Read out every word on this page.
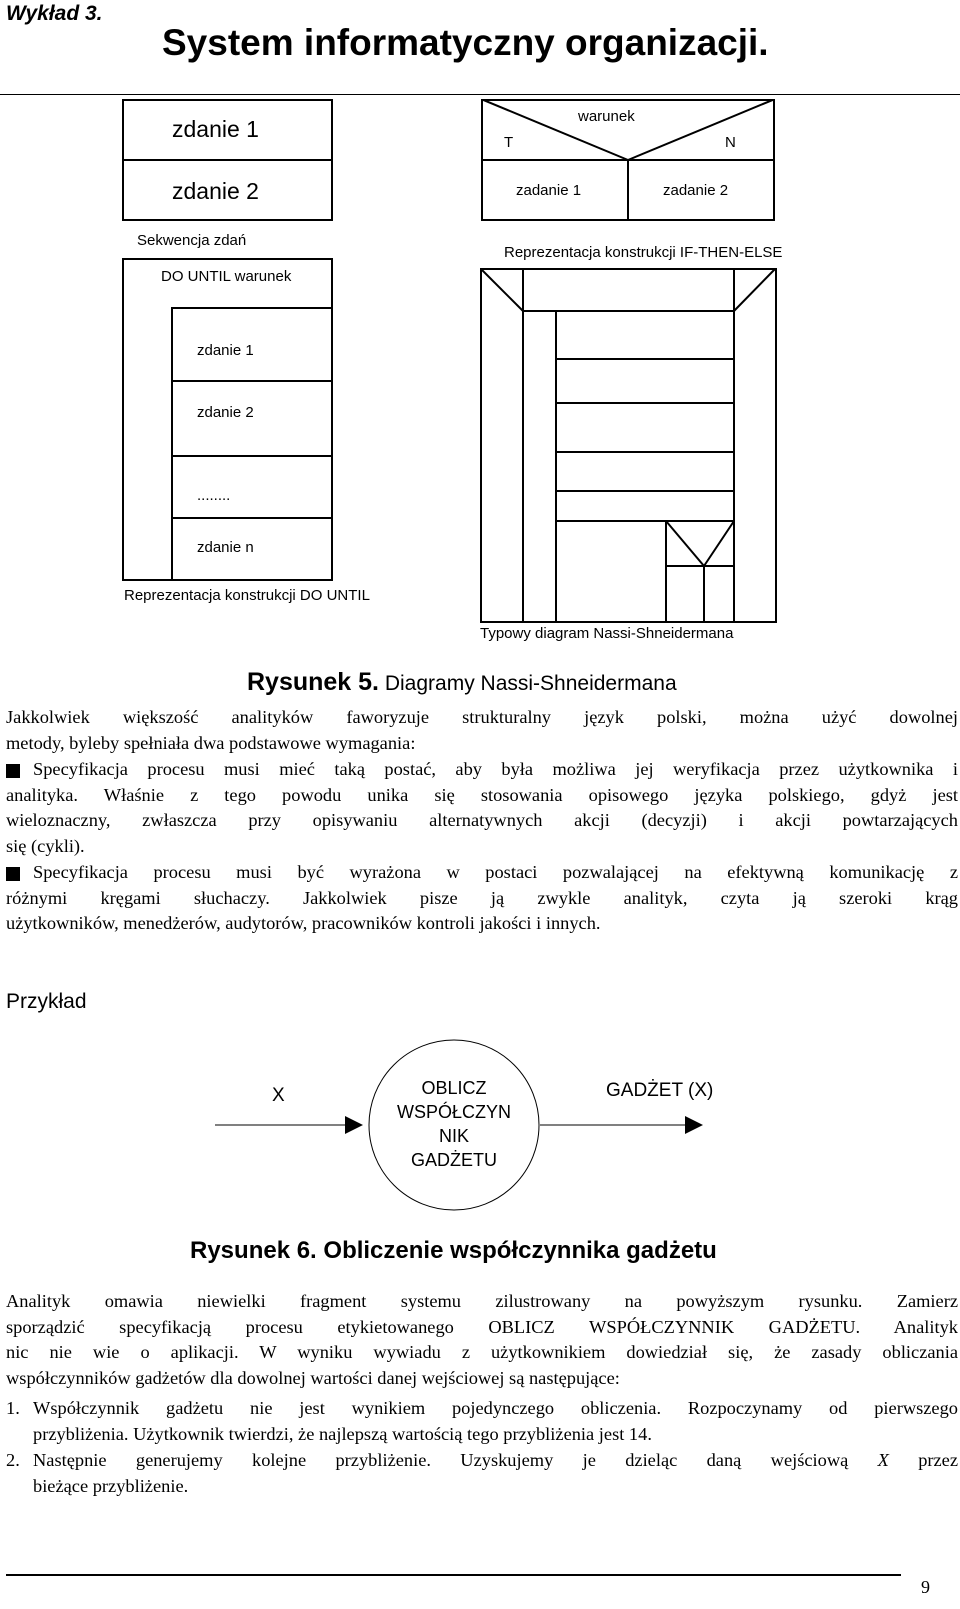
Wykład 3.
System informatyczny organizacji.
zdanie 1
zdanie 2
Sekwencja zdań
warunek
T	N
zadanie 1	zadanie 2
Reprezentacja konstrukcji IF-THEN-ELSE
DO UNTIL warunek
zdanie 1
zdanie 2
........
zdanie n
Reprezentacja konstrukcji DO UNTIL
Typowy diagram Nassi-Shneidermana
Rysunek 5. Diagramy Nassi-Shneidermana
Jakkolwiek większość analityków faworyzuje strukturalny język polski, można użyć dowolnej
metody, byleby spełniała dwa podstawowe wymagania:
Specyfikacja procesu musi mieć taką postać, aby była możliwa jej weryfikacja przez użytkownika i
analityka. Właśnie z tego powodu unika się stosowania opisowego języka polskiego, gdyż jest
wieloznaczny, zwłaszcza przy opisywaniu alternatywnych akcji (decyzji) i akcji powtarzających
się (cykli).
Specyfikacja procesu musi być wyrażona w postaci pozwalającej na efektywną komunikację z
różnymi kręgami słuchaczy. Jakkolwiek pisze ją zwykle analityk, czyta ją szeroki krąg
użytkowników, menedżerów, audytorów, pracowników kontroli jakości i innych.
Przykład
X	OBLICZ
WSPÓŁCZYN
NIK
GADŻETU
GADŻET (X)
Rysunek 6. Obliczenie współczynnika gadżetu
Analityk omawia niewielki fragment systemu zilustrowany na powyższym rysunku. Zamierz
sporządzić specyfikacją procesu etykietowanego OBLICZ WSPÓŁCZYNNIK GADŻETU. Analityk
nic nie wie o aplikacji. W wyniku wywiadu z użytkownikiem dowiedział się, że zasady obliczania
współczynników gadżetów dla dowolnej wartości danej wejściowej są następujące:
1. Współczynnik gadżetu nie jest wynikiem pojedynczego obliczenia. Rozpoczynamy od pierwszego
przybliżenia. Użytkownik twierdzi, że najlepszą wartością tego przybliżenia jest 14.
2. Następnie generujemy kolejne przybliżenie. Uzyskujemy je dzieląc daną wejściową X przez
bieżące przybliżenie.
9
